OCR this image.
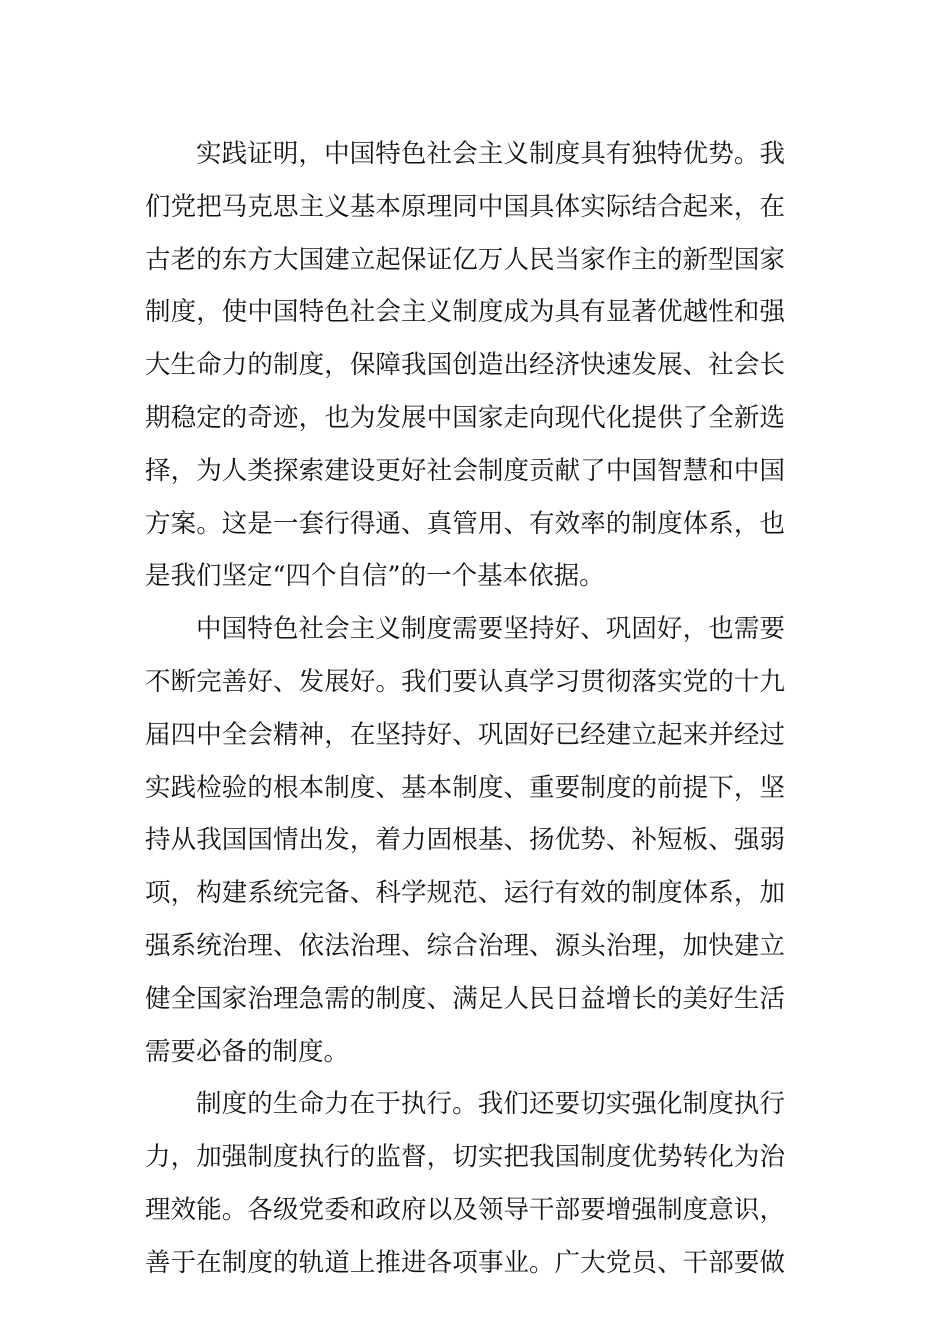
实践证明，中国特色社会主义制度具有独特优势。我
们党把马克思主义基本原理同中国具体实际结合起来，在
古老的东方大国建立起保证亿万人民当家作主的新型国家
制度，使中国特色社会主义制度成为具有显著优越性和强
大生命力的制度，保障我国创造出经济快速发展、社会长
期稳定的奇迹，也为发展中国家走向现代化提供了全新选
择，为人类探索建设更好社会制度贡献了中国智慧和中国
方案。这是一套行得通、真管用、有效率的制度体系，也
是我们坚定“四个自信”的一个基本依据。
中国特色社会主义制度需要坚持好、巩固好，也需要
不断完善好、发展好。我们要认真学习贯彻落实党的十九
届四中全会精神，在坚持好、巩固好已经建立起来并经过
实践检验的根本制度、基本制度、重要制度的前提下，坚
持从我国国情出发，着力固根基、扬优势、补短板、强弱
项，构建系统完备、科学规范、运行有效的制度体系，加
强系统治理、依法治理、综合治理、源头治理，加快建立
健全国家治理急需的制度、满足人民日益增长的美好生活
需要必备的制度。
制度的生命力在于执行。我们还要切实强化制度执行
力，加强制度执行的监督，切实把我国制度优势转化为治
理效能。各级党委和政府以及领导干部要增强制度意识，
善于在制度的轨道上推进各项事业。广大党员、干部要做
